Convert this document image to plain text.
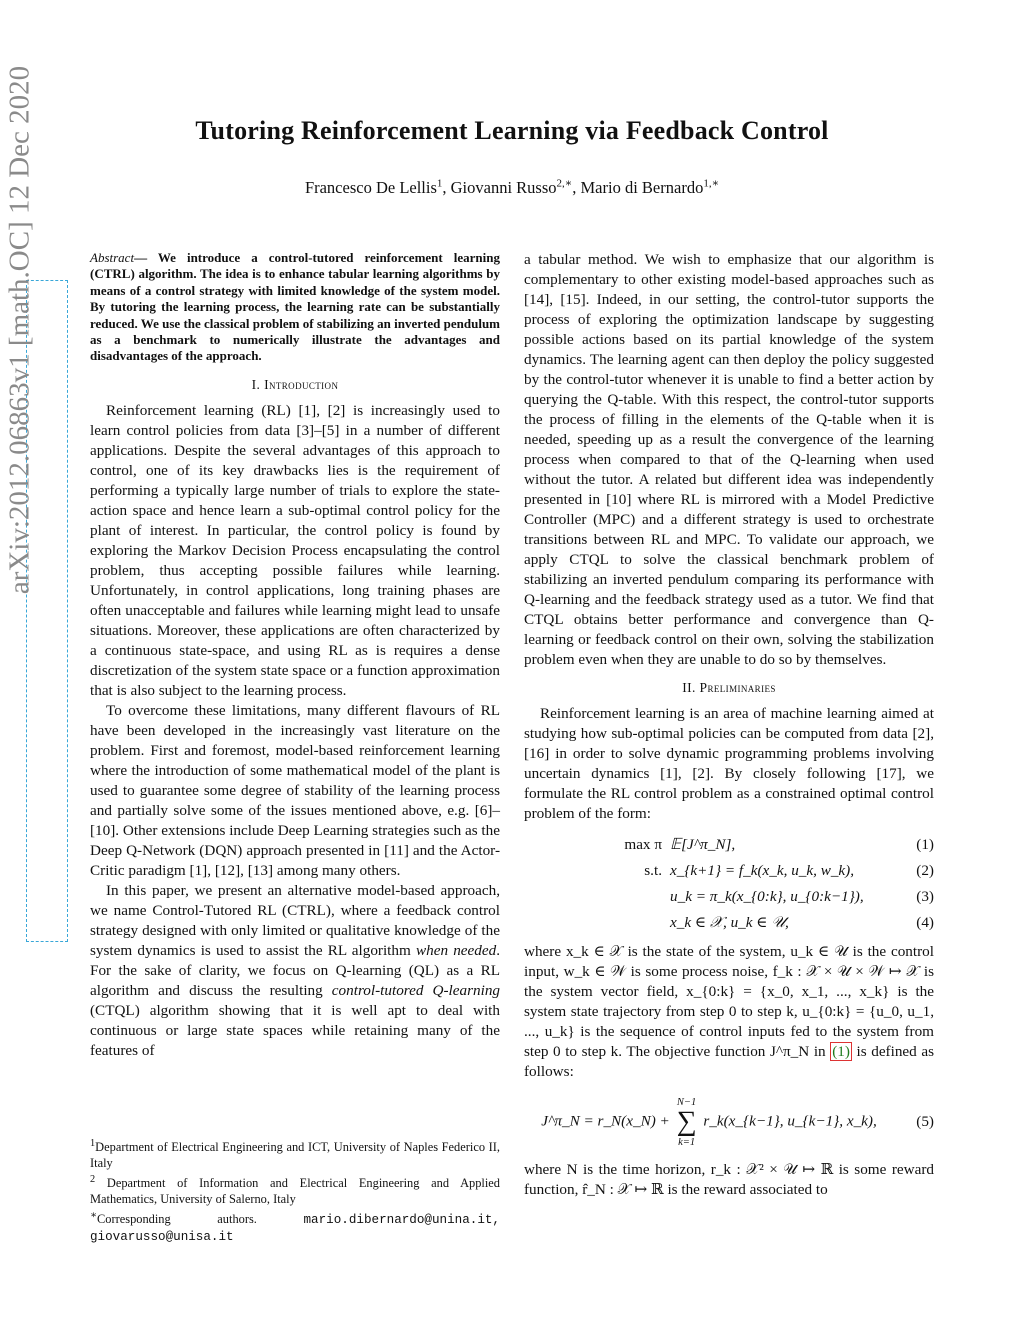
arXiv:2012.06863v1 [math.OC] 12 Dec 2020	Tutoring Reinforcement Learning via Feedback Control
Francesco De Lellis$^1$, Giovanni Russo$^{2,∗}$, Mario di Bernardo$^{1,∗}$
Abstract— We introduce a control-tutored reinforcement learning (CTRL) algorithm. The idea is to enhance tabular learning algorithms by means of a control strategy with limited knowledge of the system model. By tutoring the learning process, the learning rate can be substantially reduced. We use the classical problem of stabilizing an inverted pendulum as a benchmark to numerically illustrate the advantages and disadvantages of the approach.
I. Introduction

Reinforcement learning (RL) [1], [2] is increasingly used to learn control policies from data [3]–[5] in a number of different applications. Despite the several advantages of this approach to control, one of its key drawbacks lies is the requirement of performing a typically large number of trials to explore the state-action space and hence learn a sub-optimal control policy for the plant of interest. In particular, the control policy is found by exploring the Markov Decision Process encapsulating the control problem, thus accepting possible failures while learning. Unfortunately, in control applications, long training phases are often unacceptable and failures while learning might lead to unsafe situations. Moreover, these applications are often characterized by a continuous state-space, and using RL as is requires a dense discretization of the system state space or a function approximation that is also subject to the learning process.

To overcome these limitations, many different flavours of RL have been developed in the increasingly vast literature on the problem. First and foremost, model-based reinforcement learning where the introduction of some mathematical model of the plant is used to guarantee some degree of stability of the learning process and partially solve some of the issues mentioned above, e.g. [6]–[10]. Other extensions include Deep Learning strategies such as the Deep Q-Network (DQN) approach presented in [11] and the Actor-Critic paradigm [1], [12], [13] among many others.

In this paper, we present an alternative model-based approach, we name Control-Tutored RL (CTRL), where a feedback control strategy designed with only limited or qualitative knowledge of the system dynamics is used to assist the RL algorithm when needed. For the sake of clarity, we focus on Q-learning (QL) as a RL algorithm and discuss the resulting control-tutored Q-learning (CTQL) algorithm showing that it is well apt to deal with continuous or large state spaces while retaining many of the features of

$^1$Department of Electrical Engineering and ICT, University of Naples Federico II, Italy
$^2$ Department of Information and Electrical Engineering and Applied Mathematics, University of Salerno, Italy
∗Corresponding authors. mario.dibernardo@unina.it, giovarusso@unisa.it

a tabular method. We wish to emphasize that our algorithm is complementary to other existing model-based approaches such as [14], [15]. Indeed, in our setting, the control-tutor supports the process of exploring the optimization landscape by suggesting possible actions based on its partial knowledge of the system dynamics. The learning agent can then deploy the policy suggested by the control-tutor whenever it is unable to find a better action by querying the Q-table. With this respect, the control-tutor supports the process of filling in the elements of the Q-table when it is needed, speeding up as a result the convergence of the learning process when compared to that of the Q-learning when used without the tutor. A related but different idea was independently presented in [10] where RL is mirrored with a Model Predictive Controller (MPC) and a different strategy is used to orchestrate transitions between RL and MPC. To validate our approach, we apply CTQL to solve the classical benchmark problem of stabilizing an inverted pendulum comparing its performance with Q-learning and the feedback strategy used as a tutor. We find that CTQL obtains better performance and convergence than Q-learning or feedback control on their own, solving the stabilization problem even when they are unable to do so by themselves.

II. Preliminaries

Reinforcement learning is an area of machine learning aimed at studying how sub-optimal policies can be computed from data [2], [16] in order to solve dynamic programming problems involving uncertain dynamics [1], [2]. By closely following [17], we formulate the RL control problem as a constrained optimal control problem of the form:

max π 𝔼[J^π_N],	(1)
s.t. x_{k+1} = f_k(x_k, u_k, w_k),	(2)
u_k = π_k(x_{0:k}, u_{0:k−1}),	(3)
x_k ∈ 𝒳, u_k ∈ 𝒰,	(4)

where x_k ∈ 𝒳 is the state of the system, u_k ∈ 𝒰 is the control input, w_k ∈ 𝒲 is some process noise, f_k : 𝒳 × 𝒰 × 𝒲 ↦ 𝒳 is the system vector field, x_{0:k} = {x_0, x_1, ..., x_k} is the system state trajectory from step 0 to step k, u_{0:k} = {u_0, u_1, ..., u_k} is the sequence of control inputs fed to the system from step 0 to step k. The objective function J^π_N in (1) is defined as follows:

J^π_N = r_N(x_N) + N−1
∑
k=1 r_k(x_{k−1}, u_{k−1}, x_k),	(5)

where N is the time horizon, r_k : 𝒳² × 𝒰 ↦ ℝ is some reward function, r̂_N : 𝒳 ↦ ℝ is the reward associated to
